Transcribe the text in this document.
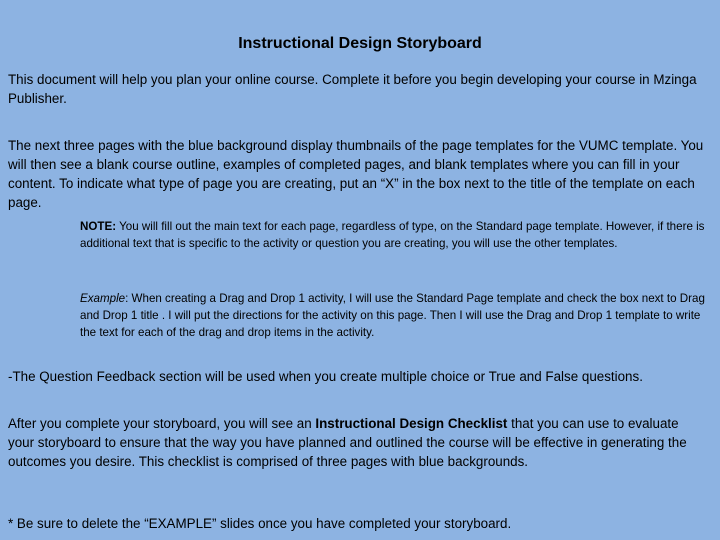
Instructional Design Storyboard

This document will help you plan your online course. Complete it before you begin developing your course in Mzinga Publisher.

The next three pages with the blue background display thumbnails of the page templates for the VUMC template. You will then see a blank course outline, examples of completed pages, and blank templates where you can fill in your content. To indicate what type of page you are creating, put an “X” in the box next to the title of the template on each page.

NOTE: You will fill out the main text for each page, regardless of type, on the Standard page template. However, if there is additional text that is specific to the activity or question you are creating, you will use the other templates.

Example: When creating a Drag and Drop 1 activity, I will use the Standard Page template and check the box next to Drag and Drop 1 title . I will put the directions for the activity on this page. Then I will use the Drag and Drop 1 template to write the text for each of the drag and drop items in the activity.

-The Question Feedback section will be used when you create multiple choice or True and False questions.

After you complete your storyboard, you will see an Instructional Design Checklist that you can use to evaluate your storyboard to ensure that the way you have planned and outlined the course will be effective in generating the outcomes you desire. This checklist is comprised of three pages with blue backgrounds.

* Be sure to delete the “EXAMPLE” slides once you have completed your storyboard.
